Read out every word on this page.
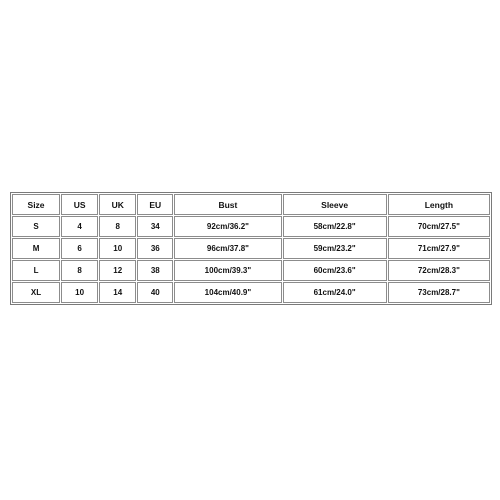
Size	US	UK	EU	Bust	Sleeve	Length
S	4	8	34	92cm/36.2"	58cm/22.8"	70cm/27.5"
M	6	10	36	96cm/37.8"	59cm/23.2"	71cm/27.9"
L	8	12	38	100cm/39.3"	60cm/23.6"	72cm/28.3"
XL	10	14	40	104cm/40.9"	61cm/24.0"	73cm/28.7"
